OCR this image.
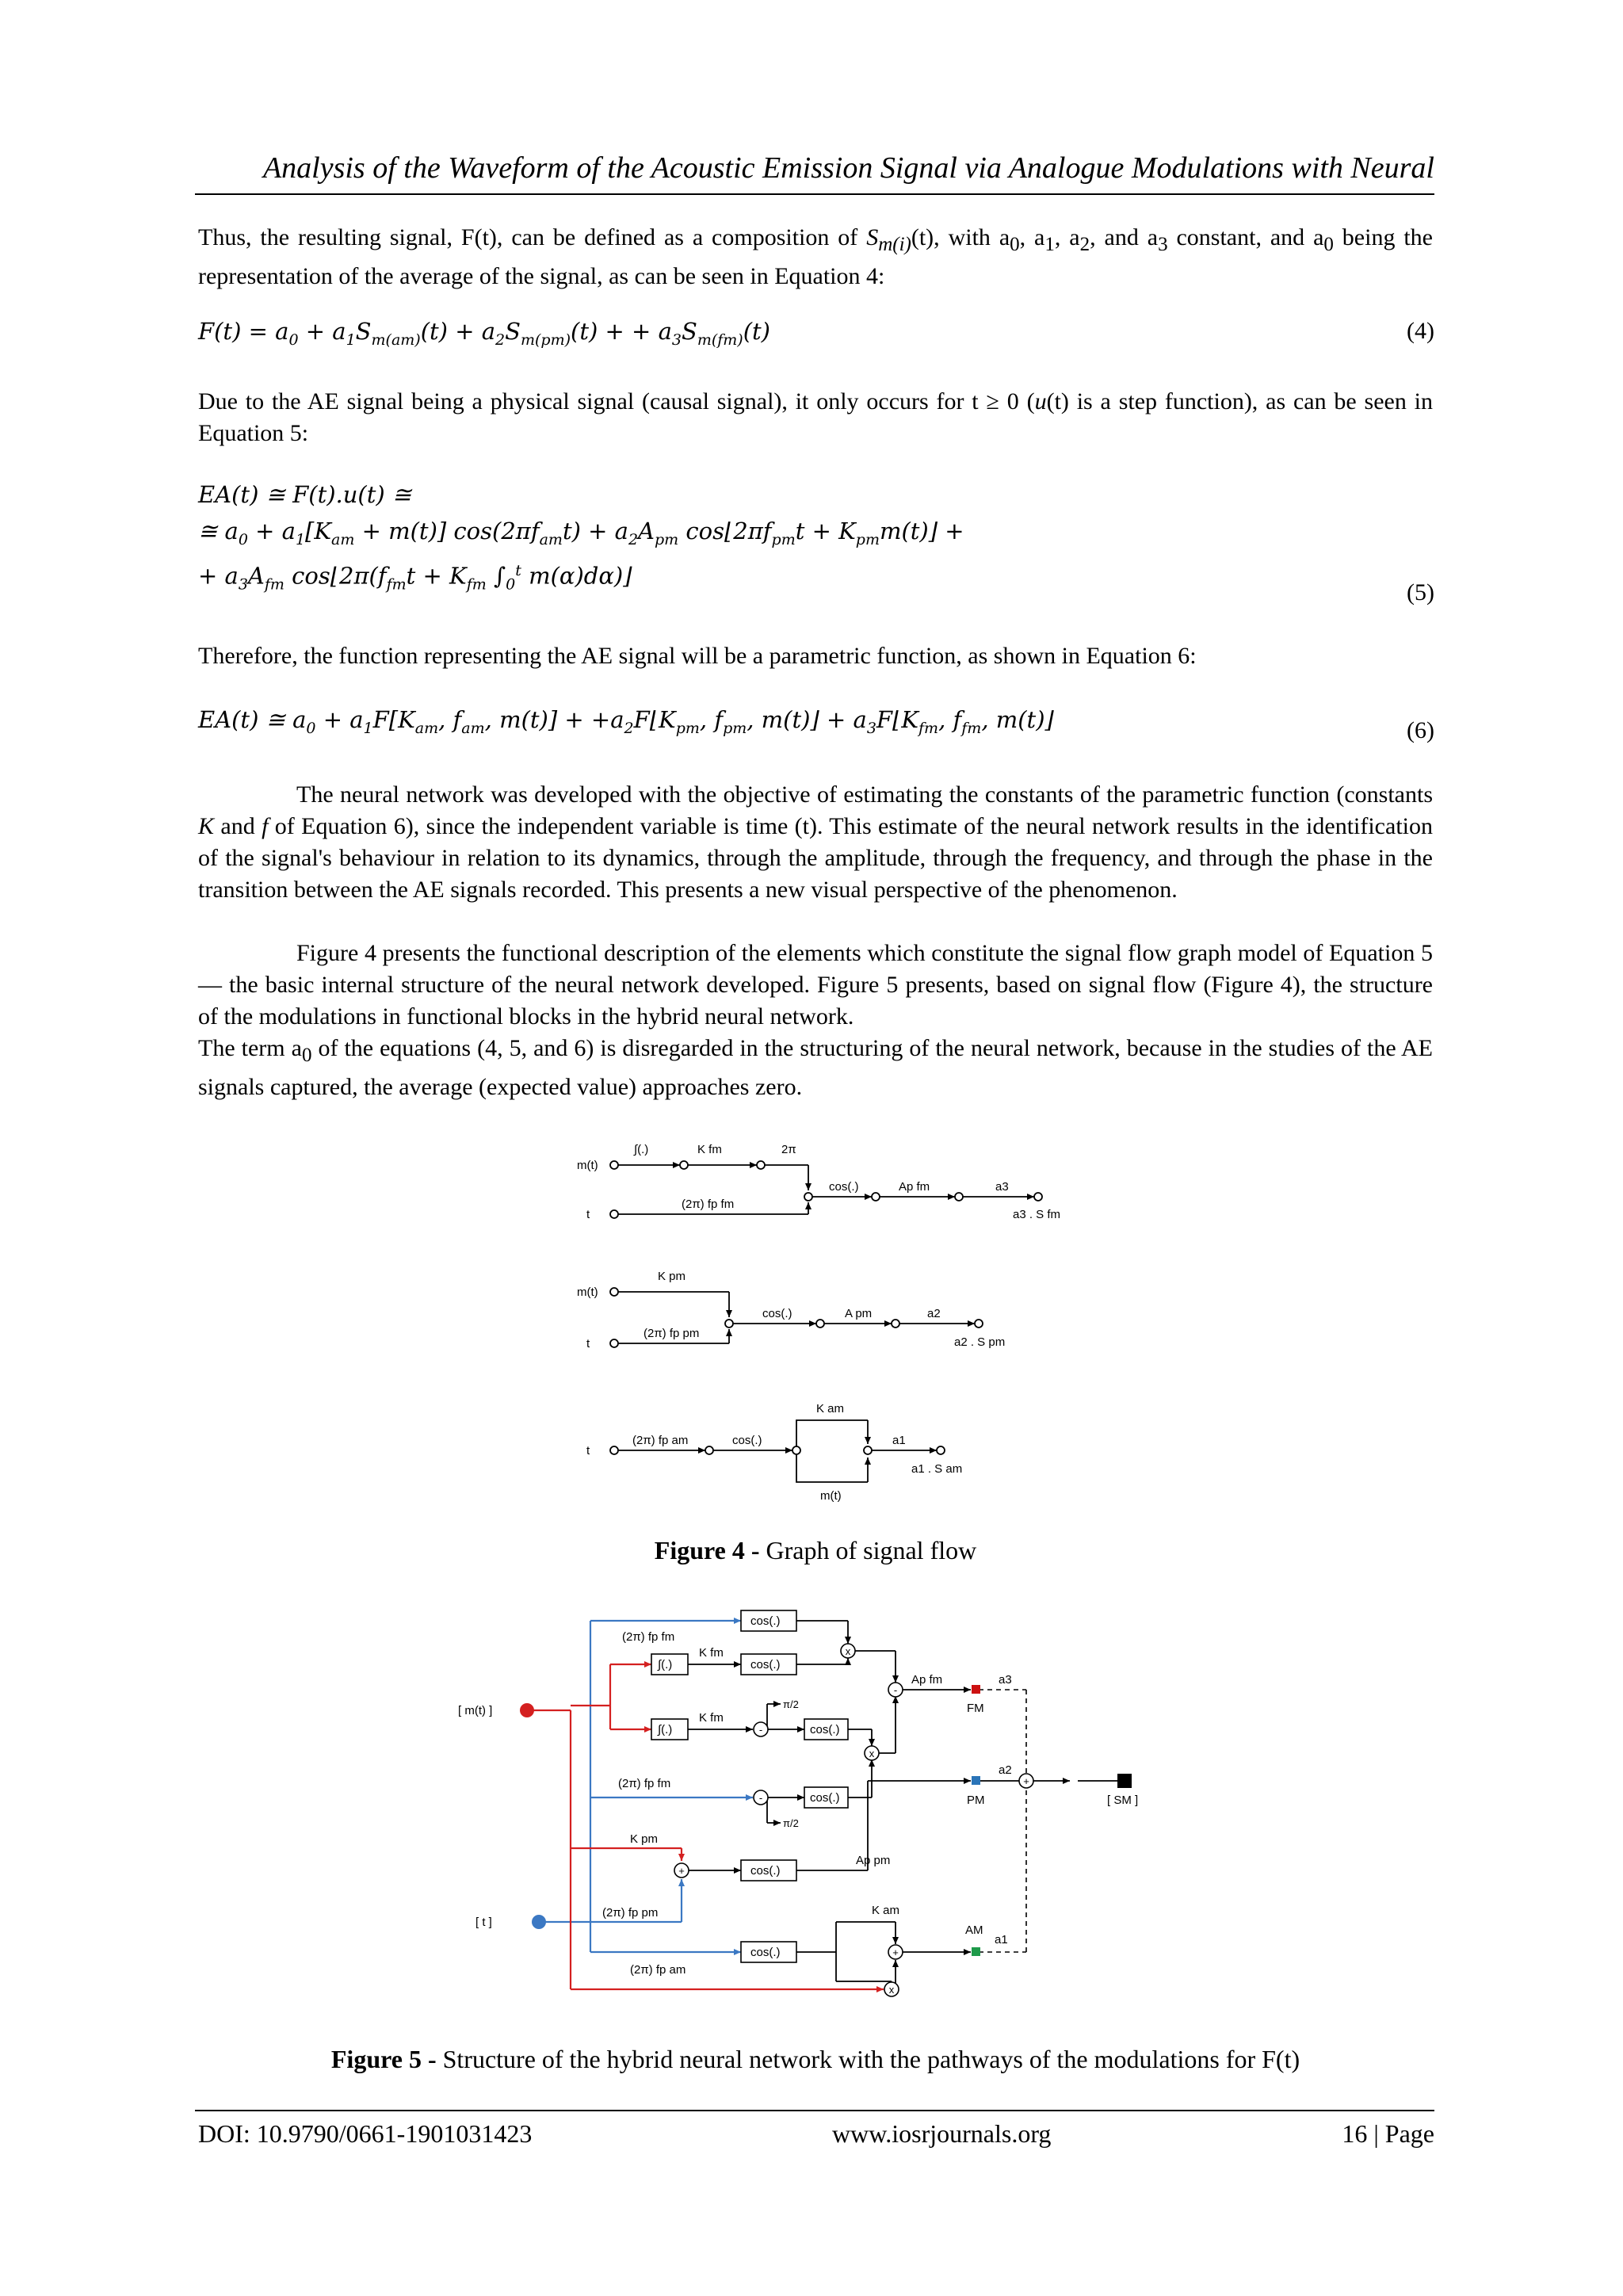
Analysis of the Waveform of the Acoustic Emission Signal via Analogue Modulations with Neural
Thus, the resulting signal, F(t), can be defined as a composition of $S_{m(i)}(t)$, with $a_0$, $a_1$, $a_2$, and $a_3$ constant, and $a_0$ being the representation of the average of the signal, as can be seen in Equation 4:
$F(t) = a_0 + a_1S_{m(am)}(t) + a_2S_{m(pm)}(t)$ + + $a_3S_{m(fm)}(t)$	(4)
Due to the AE signal being a physical signal (causal signal), it only occurs for t ≥ 0 (u(t) is a step function), as can be seen in Equation 5:
EA(t) ≅ F(t).u(t) ≅
≅ $a_0 + a_1[K_{am} + m(t)] \cos(2\pi f_{am}t) + a_2A_{pm}$ $\cos⌊2\pi f_{pm}t$ + $K_{pm}m(t)⌋$ +
+ $a_3A_{fm}$ $\cos⌊2\pi(f_{fm}t + K_{fm}$ $\int_0^t$ m(α)dα)⌋
(5)
Therefore, the function representing the AE signal will be a parametric function, as shown in Equation 6:
EA(t) ≅ $a_0 + a_1F[K_{am}$, $f_{am}$, $m(t)] + +a_2F⌊K_{pm}$, $f_{pm}$, m(t)⌋ + $a_3F⌊K_{fm}$, $f_{fm}$, m(t)⌋	(6)
The neural network was developed with the objective of estimating the constants of the parametric function (constants K and f of Equation 6), since the independent variable is time (t). This estimate of the neural network results in the identification of the signal's behaviour in relation to its dynamics, through the amplitude, through the frequency, and through the phase in the transition between the AE signals recorded. This presents a new visual perspective of the phenomenon.
Figure 4 presents the functional description of the elements which constitute the signal flow graph model of Equation 5 — the basic internal structure of the neural network developed. Figure 5 presents, based on signal flow (Figure 4), the structure of the modulations in functional blocks in the hybrid neural network.
The term $a_0$ of the equations (4, 5, and 6) is disregarded in the structuring of the neural network, because in the studies of the AE signals captured, the average (expected value) approaches zero.
m(t)
t
∫(.)	K fm	2π
(2π) fp fm
cos(.)	Ap fm	a3
a3 . S fm
m(t)
t
K pm
(2π) fp pm
cos(.)	A pm	a2
a2 . S pm
t
(2π) fp am	cos(.)
K am
a1
a1 . S am
m(t)
Figure 4 - Graph of signal flow
[ m(t) ]
[ t ]
(2π) fp fm
(2π) fp fm
K fm
K fm
∫(.)
∫(.)
cos(.)
cos(.)
cos(.)
cos(.)
cos(.)
cos(.)
π/2
π/2
Ap fm	a3
FM
a2
PM	[ SM ]
K pm
Ap pm
(2π) fp pm	K am
AM
a1
(2π) fp am
x
-
-
x
-
+
+
x
+
Figure 5 - Structure of the hybrid neural network with the pathways of the modulations for F(t)
DOI: 10.9790/0661-1901031423	www.iosrjournals.org	16 | Page
